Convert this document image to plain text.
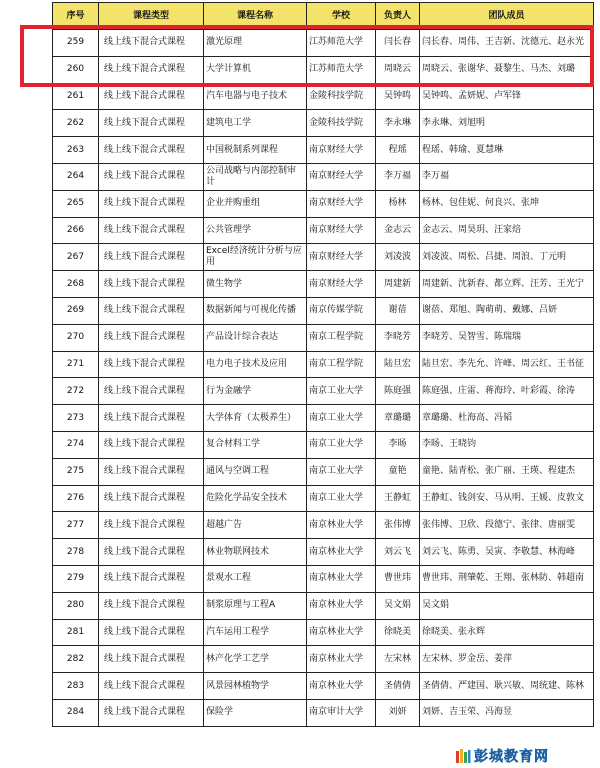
序号	课程类型	课程名称	学校	负责人	团队成员
259	线上线下混合式课程	激光原理	江苏师范大学	闫长春	闫长春、周伟、王吉新、沈德元、赵永光
260	线上线下混合式课程	大学计算机	江苏师范大学	周晓云	周晓云、张谢华、聂黎生、马杰、刘璐
261	线上线下混合式课程	汽车电器与电子技术	金陵科技学院	吴钟鸣	吴钟鸣、孟妍妮、卢军锋
262	线上线下混合式课程	建筑电工学	金陵科技学院	李永琳	李永琳、刘旭明
263	线上线下混合式课程	中国税制系列课程	南京财经大学	程瑶	程瑶、韩瑜、夏慧琳
264	线上线下混合式课程	公司战略与内部控制审计	南京财经大学	李万福	李万福
265	线上线下混合式课程	企业并购重组	南京财经大学	杨林	杨林、包佳妮、何良兴、张坤
266	线上线下混合式课程	公共管理学	南京财经大学	金志云	金志云、周昊玥、汪家焙
267	线上线下混合式课程	Excel经济统计分析与应用	南京财经大学	刘凌波	刘凌波、周松、吕捷、周浪、丁元明
268	线上线下混合式课程	微生物学	南京财经大学	周建新	周建新、沈新春、都立辉、汪芳、王光宁
269	线上线下混合式课程	数据新闻与可视化传播	南京传媒学院	谢蓓	谢蓓、郑旭、陶萌萌、戴娜、吕妍
270	线上线下混合式课程	产品设计综合表达	南京工程学院	李晓芳	李晓芳、吴智雪、陈瑞瑞
271	线上线下混合式课程	电力电子技术及应用	南京工程学院	陆旦宏	陆旦宏、李先允、许峰、周云红、王书征
272	线上线下混合式课程	行为金融学	南京工业大学	陈庭强	陈庭强、庄雷、蒋海玲、叶彩霞、徐涛
273	线上线下混合式课程	大学体育（太极养生）	南京工业大学	章璐璐	章璐璐、杜海高、冯韬
274	线上线下混合式课程	复合材料工学	南京工业大学	李旸	李旸、王晓钧
275	线上线下混合式课程	通风与空调工程	南京工业大学	童艳	童艳、陆青松、张广丽、王瑛、程建杰
276	线上线下混合式课程	危险化学品安全技术	南京工业大学	王静虹	王静虹、钱剑安、马从明、王媛、皮敦文
277	线上线下混合式课程	超越广告	南京林业大学	张伟博	张伟博、卫欣、段德宁、张律、唐丽雯
278	线上线下混合式课程	林业物联网技术	南京林业大学	刘云飞	刘云飞、陈勇、吴寅、李敬慧、林海峰
279	线上线下混合式课程	景观水工程	南京林业大学	曹世玮	曹世玮、荆肇乾、王翔、张林防、韩超南
280	线上线下混合式课程	制浆原理与工程A	南京林业大学	吴文娟	吴文娟
281	线上线下混合式课程	汽车运用工程学	南京林业大学	徐晓美	徐晓美、张永辉
282	线上线下混合式课程	林产化学工艺学	南京林业大学	左宋林	左宋林、罗金岳、姜萍
283	线上线下混合式课程	风景园林植物学	南京林业大学	圣倩倩	圣倩倩、严建国、耿兴敏、周统建、陈林
284	线上线下混合式课程	保险学	南京审计大学	刘妍	刘妍、吉玉荣、冯海昱
彭城教育网
